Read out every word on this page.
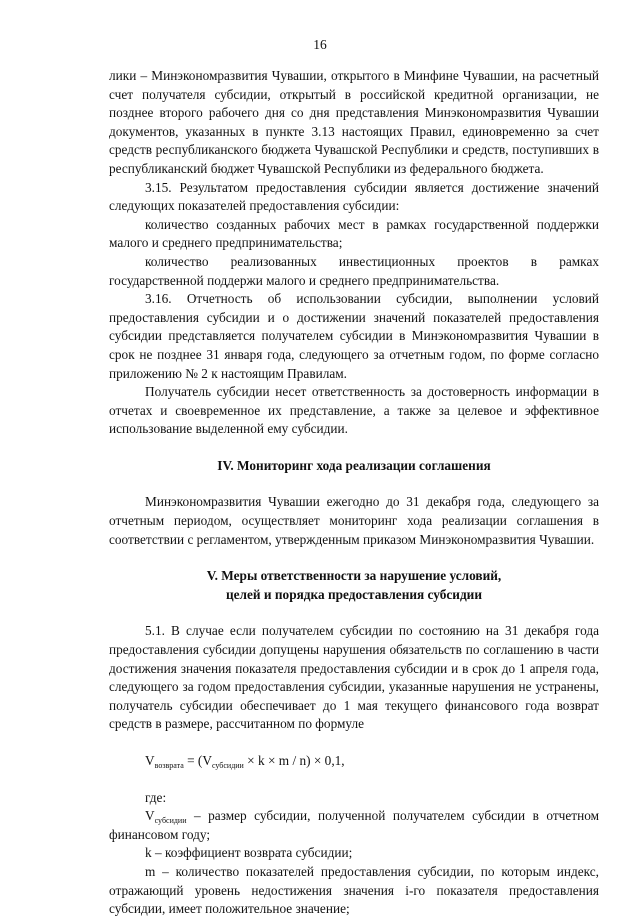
16

лики – Минэкономразвития Чувашии, открытого в Минфине Чувашии, на расчетный счет получателя субсидии, открытый в российской кредитной организации, не позднее второго рабочего дня со дня представления Минэкономразвития Чувашии документов, указанных в пункте 3.13 настоящих Правил, единовременно за счет средств республиканского бюджета Чувашской Республики и средств, поступивших в республиканский бюджет Чувашской Республики из федерального бюджета.

3.15. Результатом предоставления субсидии является достижение значений следующих показателей предоставления субсидии:

количество созданных рабочих мест в рамках государственной поддержки малого и среднего предпринимательства;

количество реализованных инвестиционных проектов в рамках государственной поддержи малого и среднего предпринимательства.

3.16. Отчетность об использовании субсидии, выполнении условий предоставления субсидии и о достижении значений показателей предоставления субсидии представляется получателем субсидии в Минэкономразвития Чувашии в срок не позднее 31 января года, следующего за отчетным годом, по форме согласно приложению № 2 к настоящим Правилам.

Получатель субсидии несет ответственность за достоверность информации в отчетах и своевременное их представление, а также за целевое и эффективное использование выделенной ему субсидии.

IV. Мониторинг хода реализации соглашения

Минэкономразвития Чувашии ежегодно до 31 декабря года, следующего за отчетным периодом, осуществляет мониторинг хода реализации соглашения в соответствии с регламентом, утвержденным приказом Минэкономразвития Чувашии.

V. Меры ответственности за нарушение условий,

целей и порядка предоставления субсидии

5.1. В случае если получателем субсидии по состоянию на 31 декабря года предоставления субсидии допущены нарушения обязательств по соглашению в части достижения значения показателя предоставления субсидии и в срок до 1 апреля года, следующего за годом предоставления субсидии, указанные нарушения не устранены, получатель субсидии обеспечивает до 1 мая текущего финансового года возврат средств в размере, рассчитанном по формуле

$V_{возврата} = (V_{субсидии} \times k \times m / n) \times 0,1$,

где:

$V_{субсидии}$ – размер субсидии, полученной получателем субсидии в отчетном финансовом году;

k – коэффициент возврата субсидии;

m – количество показателей предоставления субсидии, по которым индекс, отражающий уровень недостижения значения i-го показателя предоставления субсидии, имеет положительное значение;
